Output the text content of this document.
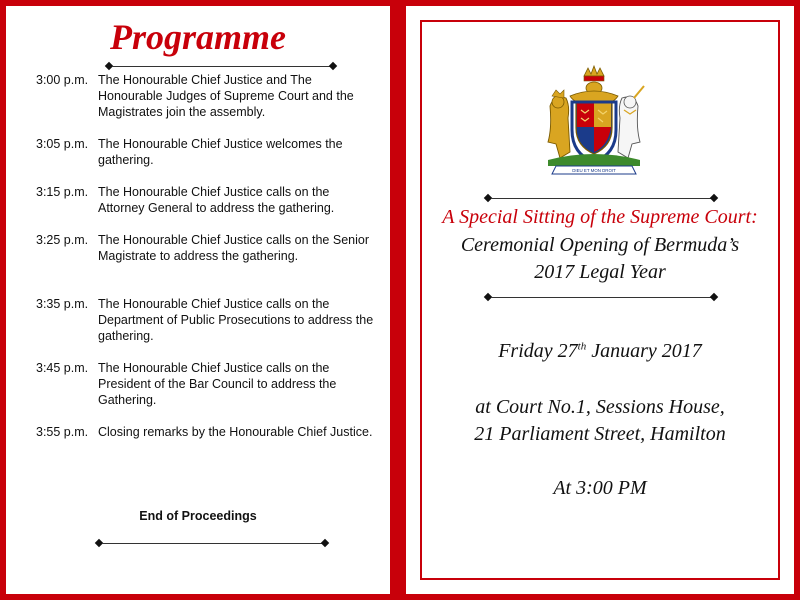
Programme
3:00 p.m. The Honourable Chief Justice and The Honourable Judges of Supreme Court and the Magistrates join the assembly.
3:05 p.m. The Honourable Chief Justice welcomes the gathering.
3:15 p.m. The Honourable Chief Justice calls on the Attorney General to address the gathering.
3:25 p.m. The Honourable Chief Justice calls on the Senior Magistrate to address the gathering.
3:35 p.m. The Honourable Chief Justice calls on the Department of Public Prosecutions to address the gathering.
3:45 p.m. The Honourable Chief Justice calls on the President of the Bar Council to address the Gathering.
3:55 p.m. Closing remarks by the Honourable Chief Justice.
End of Proceedings
DIEU ET MON DROIT
A Special Sitting of the Supreme Court:
Ceremonial Opening of Bermuda’s
2017 Legal Year
Friday 27th January 2017
at Court No.1, Sessions House,
21 Parliament Street, Hamilton
At 3:00 PM
